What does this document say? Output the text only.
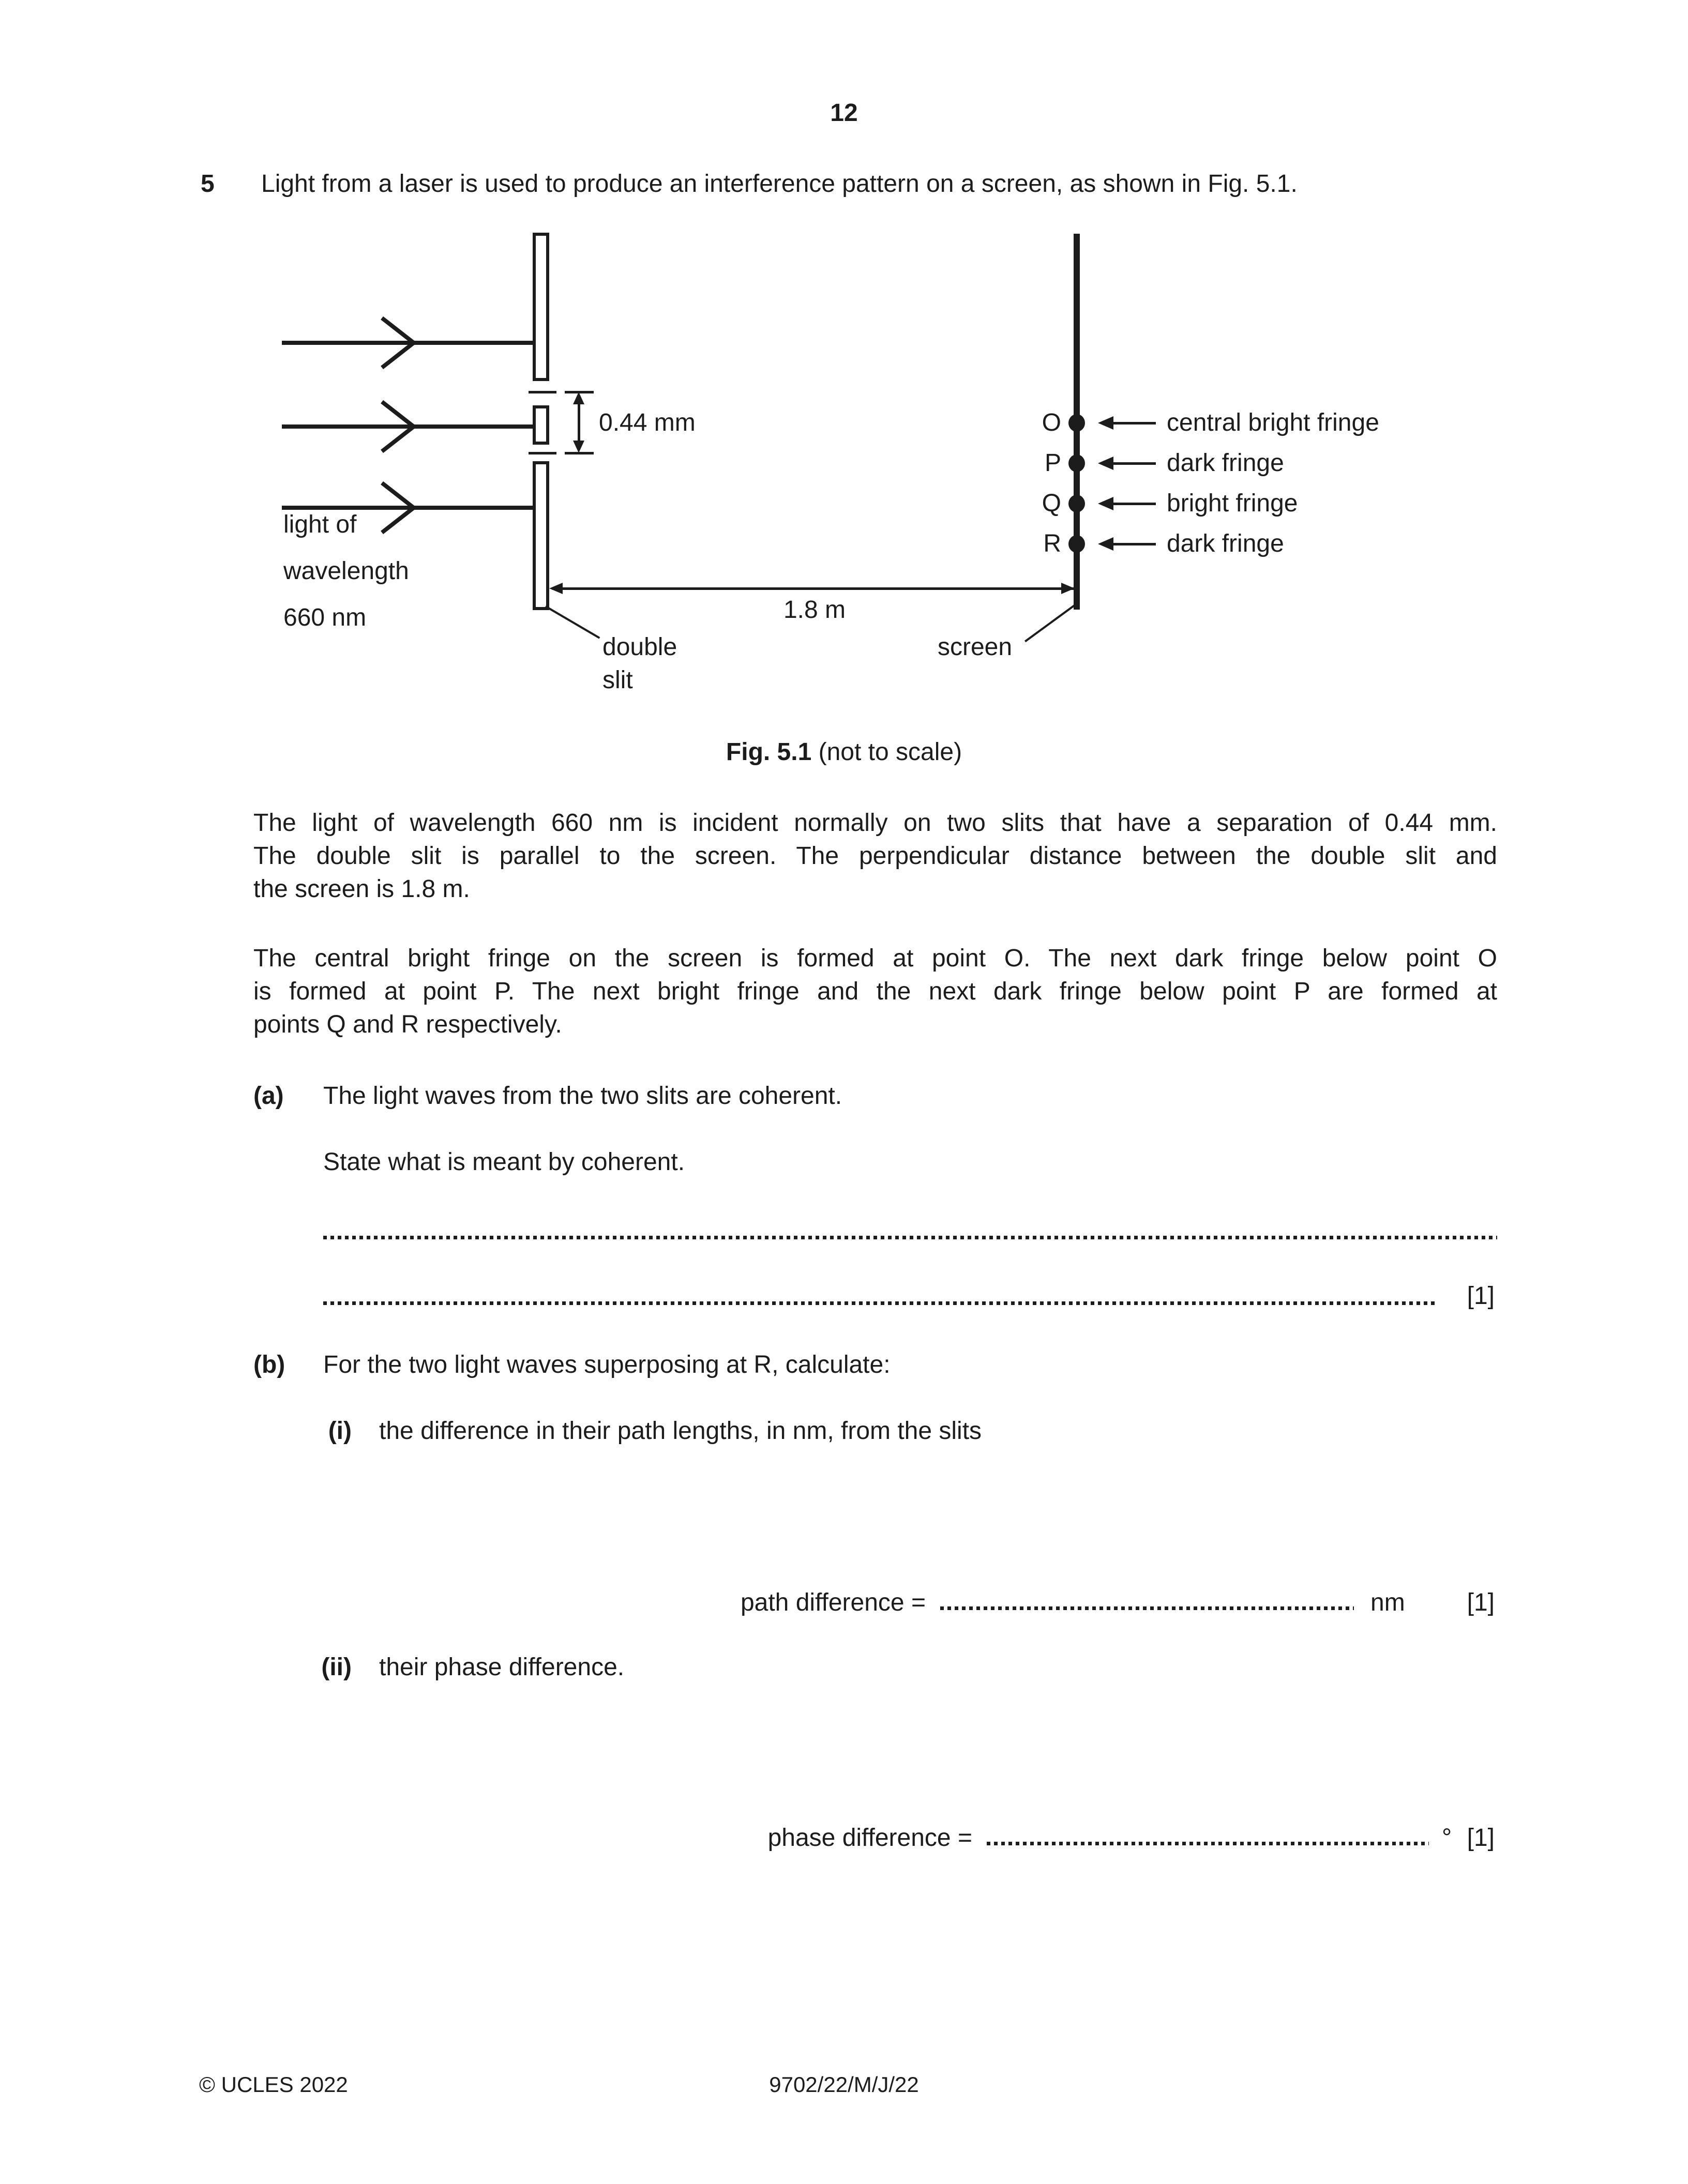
12
5 Light from a laser is used to produce an interference pattern on a screen, as shown in Fig. 5.1.
0.44 mm
light of
wavelength
660 nm
O	central bright fringe
P	dark fringe
Q	bright fringe
R	dark fringe
1.8 m
double
slit
screen
Fig. 5.1 (not to scale)
The light of wavelength 660 nm is incident normally on two slits that have a separation of 0.44 mm.
The double slit is parallel to the screen. The perpendicular distance between the double slit and
the screen is 1.8 m.
The central bright fringe on the screen is formed at point O. The next dark fringe below point O
is formed at point P. The next bright fringe and the next dark fringe below point P are formed at
points Q and R respectively.
(a) The light waves from the two slits are coherent.
State what is meant by coherent.
[1]
(b) For the two light waves superposing at R, calculate:
(i) the difference in their path lengths, in nm, from the slits
path difference =	nm	[1]
(ii) their phase difference.
phase difference =	° [1]
© UCLES 2022	9702/22/M/J/22
